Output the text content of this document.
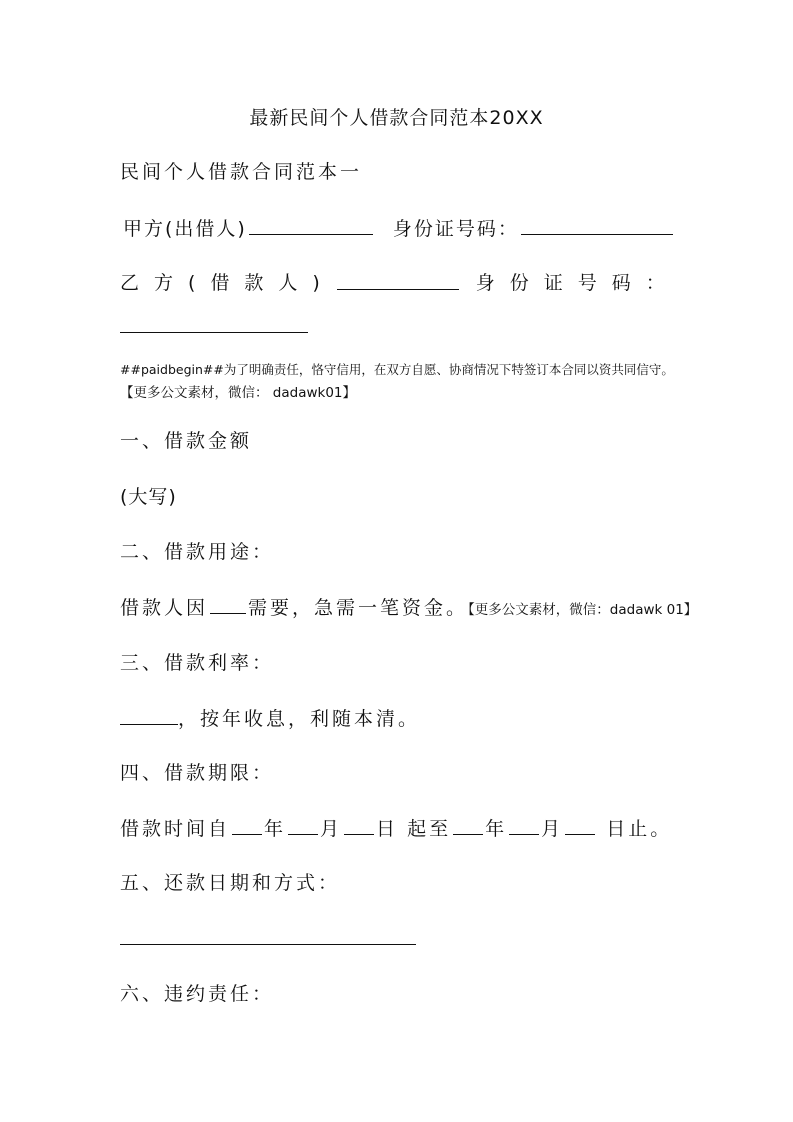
最新民间个人借款合同范本20XX
民间个人借款合同范本一
甲方(出借人)	身份证号码：
乙 方 ( 借 款 人 )	身 份 证 号 码 ：
##paidbegin##为了明确责任，恪守信用，在双方自愿、协商情况下特签订本合同以资共同信守。【更多公文素材，微信： dadawk01】
一、借款金额
(大写)
二、借款用途：
借款人因 需要，急需一笔资金。【更多公文素材，微信：dadawk 01】
三、借款利率：
，按年收息，利随本清。
四、借款期限：
借款时间自 年 月 日 起至 年 月 日止。
五、还款日期和方式：
六、违约责任：
